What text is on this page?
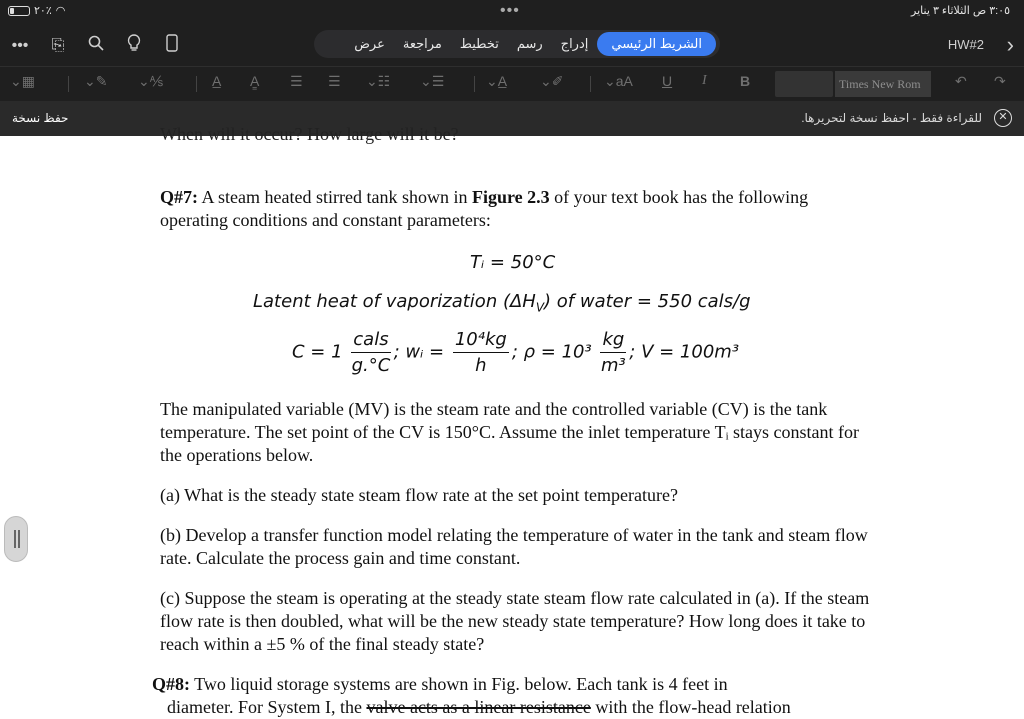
٢٠٪ ◠	•••	٣:٠٥ ص الثلاثاء ٣ يناير
••• ⎘	الشريط الرئيسي
إدراج
رسم
تخطيط
مراجعة
عرض	HW#2 ›
⌄▦	⌄✎ ⌄⅍	A̲ A̳ ☰ ☰ ⌄☷ ⌄☰	⌄A̲ ⌄✐	⌄aA U I B	Times New Rom	↶ ↷
حفظ نسخة	للقراءة فقط - احفظ نسخة لتحريرها.	✕
When will it occur? How large will it be?

Q#7: A steam heated stirred tank shown in Figure 2.3 of your text book has the following operating conditions and constant parameters:

Tᵢ = 50°C
Latent heat of vaporization $(\Delta H_V)$ of water = 550 cals/g
$C = 1 \frac{\text{cals}}{g.^\circ C}$ ; wᵢ = $\frac{\text{10⁴kg}}{h}$ ; $\rho = 10^3 \frac{kg}{\text{m³}}$ ; V = 100m³

The manipulated variable (MV) is the steam rate and the controlled variable (CV) is the tank temperature. The set point of the CV is 150°C. Assume the inlet temperature Tᵢ stays constant for the operations below.

(a) What is the steady state steam flow rate at the set point temperature?

(b) Develop a transfer function model relating the temperature of water in the tank and steam flow rate. Calculate the process gain and time constant.

(c) Suppose the steam is operating at the steady state steam flow rate calculated in (a). If the steam flow rate is then doubled, what will be the new steady state temperature? How long does it take to reach within a ±5 % of the final steady state?

Q#8: Two liquid storage systems are shown in Fig. below. Each tank is 4 feet in

diameter. For System I, the valve acts as a linear resistance with the flow-head relation
